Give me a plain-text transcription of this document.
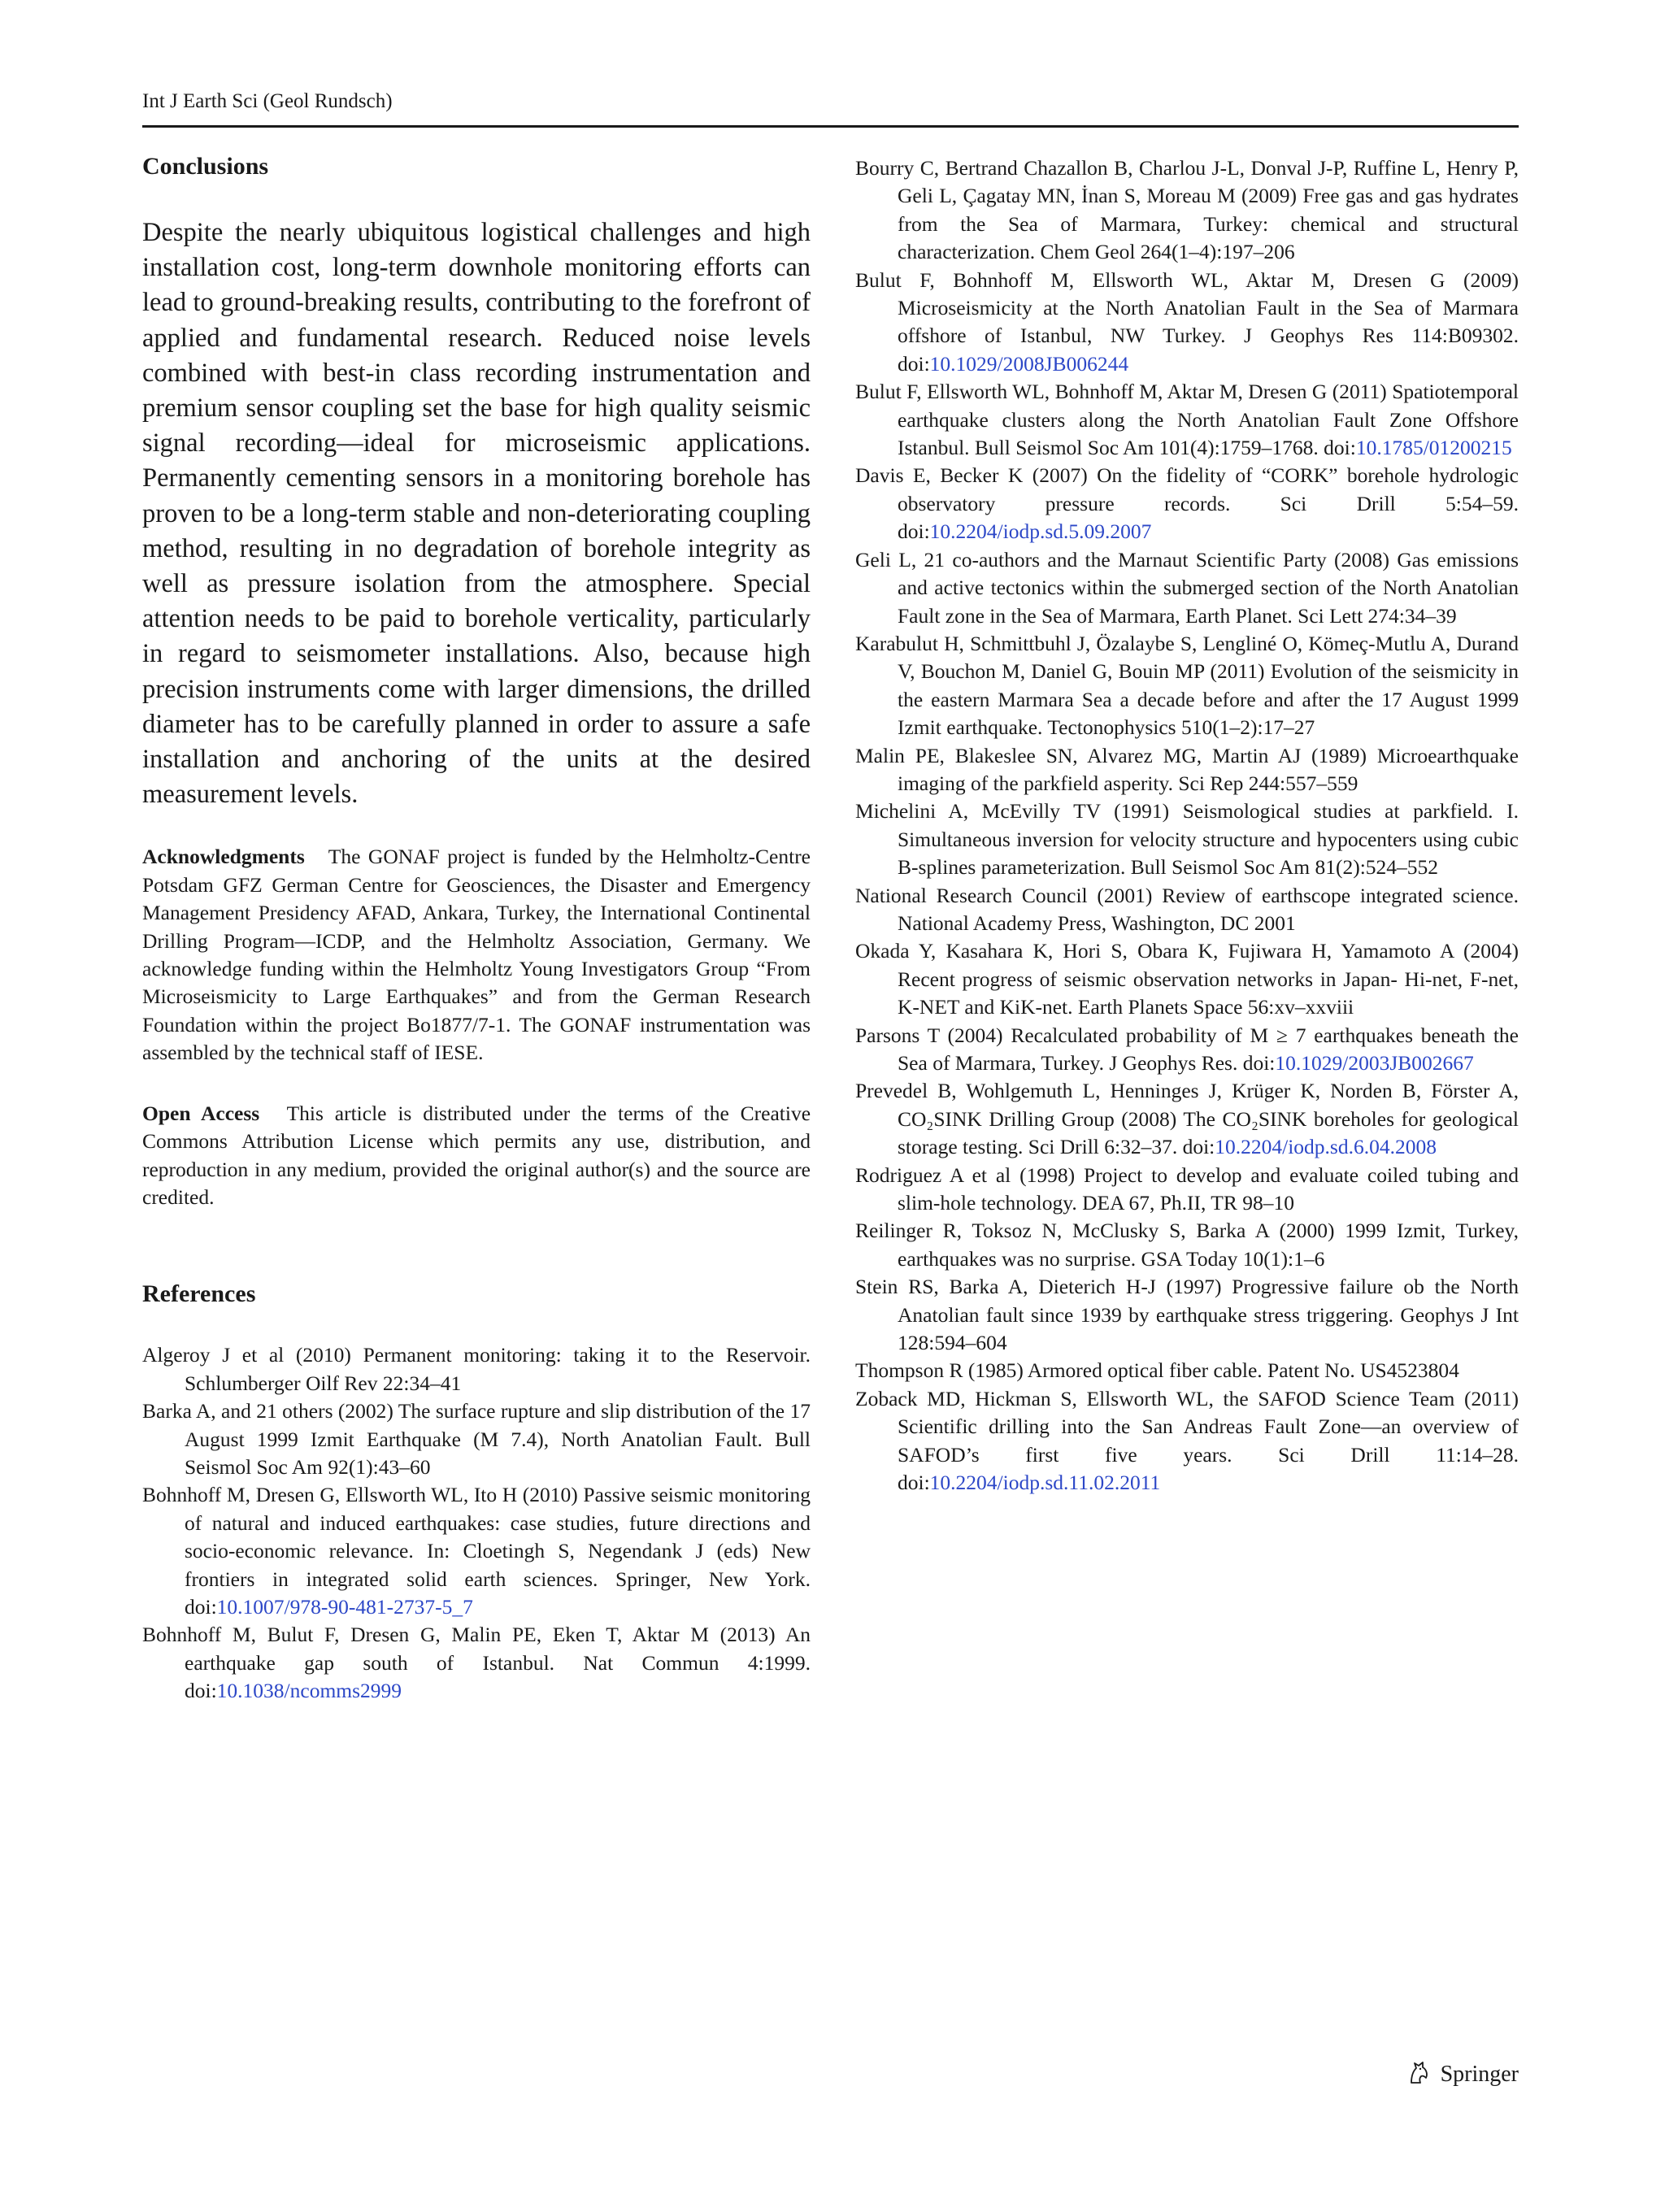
Int J Earth Sci (Geol Rundsch)
Conclusions

Despite the nearly ubiquitous logistical challenges and high installation cost, long-term downhole monitoring efforts can lead to ground-breaking results, contributing to the forefront of applied and fundamental research. Reduced noise levels combined with best-in class recording instrumentation and premium sensor coupling set the base for high quality seismic signal recording—ideal for microseismic applications. Permanently cementing sensors in a monitoring borehole has proven to be a long-term stable and non-deteriorating coupling method, resulting in no degradation of borehole integrity as well as pressure isolation from the atmosphere. Special attention needs to be paid to borehole verticality, particularly in regard to seismometer installations. Also, because high precision instruments come with larger dimensions, the drilled diameter has to be carefully planned in order to assure a safe installation and anchoring of the units at the desired measurement levels.

Acknowledgments The GONAF project is funded by the Helmholtz-Centre Potsdam GFZ German Centre for Geosciences, the Disaster and Emergency Management Presidency AFAD, Ankara, Turkey, the International Continental Drilling Program—ICDP, and the Helmholtz Association, Germany. We acknowledge funding within the Helmholtz Young Investigators Group “From Microseismicity to Large Earthquakes” and from the German Research Foundation within the project Bo1877/7-1. The GONAF instrumentation was assembled by the technical staff of IESE.

Open Access This article is distributed under the terms of the Creative Commons Attribution License which permits any use, distribution, and reproduction in any medium, provided the original author(s) and the source are credited.

References
Algeroy J et al (2010) Permanent monitoring: taking it to the Reservoir. Schlumberger Oilf Rev 22:34–41
Barka A, and 21 others (2002) The surface rupture and slip distribution of the 17 August 1999 Izmit Earthquake (M 7.4), North Anatolian Fault. Bull Seismol Soc Am 92(1):43–60
Bohnhoff M, Dresen G, Ellsworth WL, Ito H (2010) Passive seismic monitoring of natural and induced earthquakes: case studies, future directions and socio-economic relevance. In: Cloetingh S, Negendank J (eds) New frontiers in integrated solid earth sciences. Springer, New York. doi:10.1007/978-90-481-2737-5_7
Bohnhoff M, Bulut F, Dresen G, Malin PE, Eken T, Aktar M (2013) An earthquake gap south of Istanbul. Nat Commun 4:1999. doi:10.1038/ncomms2999
Bourry C, Bertrand Chazallon B, Charlou J-L, Donval J-P, Ruffine L, Henry P, Geli L, Çagatay MN, İnan S, Moreau M (2009) Free gas and gas hydrates from the Sea of Marmara, Turkey: chemical and structural characterization. Chem Geol 264(1–4):197–206
Bulut F, Bohnhoff M, Ellsworth WL, Aktar M, Dresen G (2009) Microseismicity at the North Anatolian Fault in the Sea of Marmara offshore of Istanbul, NW Turkey. J Geophys Res 114:B09302. doi:10.1029/2008JB006244
Bulut F, Ellsworth WL, Bohnhoff M, Aktar M, Dresen G (2011) Spatiotemporal earthquake clusters along the North Anatolian Fault Zone Offshore Istanbul. Bull Seismol Soc Am 101(4):1759–1768. doi:10.1785/01200215
Davis E, Becker K (2007) On the fidelity of “CORK” borehole hydrologic observatory pressure records. Sci Drill 5:54–59. doi:10.2204/iodp.sd.5.09.2007
Geli L, 21 co-authors and the Marnaut Scientific Party (2008) Gas emissions and active tectonics within the submerged section of the North Anatolian Fault zone in the Sea of Marmara, Earth Planet. Sci Lett 274:34–39
Karabulut H, Schmittbuhl J, Özalaybe S, Lengliné O, Kömeç-Mutlu A, Durand V, Bouchon M, Daniel G, Bouin MP (2011) Evolution of the seismicity in the eastern Marmara Sea a decade before and after the 17 August 1999 Izmit earthquake. Tectonophysics 510(1–2):17–27
Malin PE, Blakeslee SN, Alvarez MG, Martin AJ (1989) Microearthquake imaging of the parkfield asperity. Sci Rep 244:557–559
Michelini A, McEvilly TV (1991) Seismological studies at parkfield. I. Simultaneous inversion for velocity structure and hypocenters using cubic B-splines parameterization. Bull Seismol Soc Am 81(2):524–552
National Research Council (2001) Review of earthscope integrated science. National Academy Press, Washington, DC 2001
Okada Y, Kasahara K, Hori S, Obara K, Fujiwara H, Yamamoto A (2004) Recent progress of seismic observation networks in Japan- Hi-net, F-net, K-NET and KiK-net. Earth Planets Space 56:xv–xxviii
Parsons T (2004) Recalculated probability of M ≥ 7 earthquakes beneath the Sea of Marmara, Turkey. J Geophys Res. doi:10.1029/2003JB002667
Prevedel B, Wohlgemuth L, Henninges J, Krüger K, Norden B, Förster A, CO₂SINK Drilling Group (2008) The CO₂SINK boreholes for geological storage testing. Sci Drill 6:32–37. doi:10.2204/iodp.sd.6.04.2008
Rodriguez A et al (1998) Project to develop and evaluate coiled tubing and slim-hole technology. DEA 67, Ph.II, TR 98–10
Reilinger R, Toksoz N, McClusky S, Barka A (2000) 1999 Izmit, Turkey, earthquakes was no surprise. GSA Today 10(1):1–6
Stein RS, Barka A, Dieterich H-J (1997) Progressive failure ob the North Anatolian fault since 1939 by earthquake stress triggering. Geophys J Int 128:594–604
Thompson R (1985) Armored optical fiber cable. Patent No. US4523804
Zoback MD, Hickman S, Ellsworth WL, the SAFOD Science Team (2011) Scientific drilling into the San Andreas Fault Zone—an overview of SAFOD’s first five years. Sci Drill 11:14–28. doi:10.2204/iodp.sd.11.02.2011
Springer
